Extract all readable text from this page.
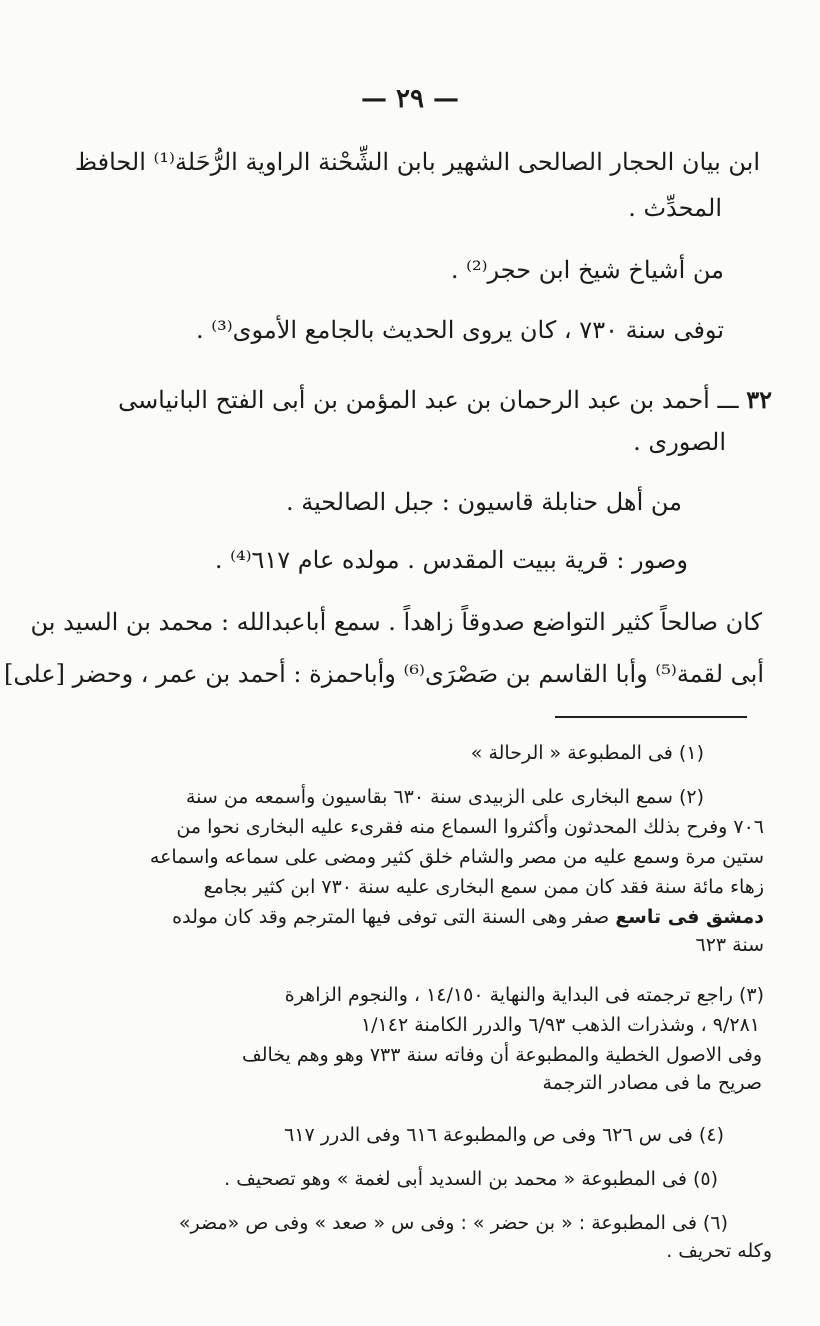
— ٢٩ —
ابن بيان الحجار الصالحى الشهير بابن الشِّحْنة الراوية الرُّحَلة⁽¹⁾ الحافظ
المحدِّث .
من أشياخ شيخ ابن حجر⁽²⁾ .
توفى سنة ٧٣٠ ، كان يروى الحديث بالجامع الأموى⁽³⁾ .
٣٢ ـــ أحمد بن عبد الرحمان بن عبد المؤمن بن أبى الفتح البانياسى
الصورى .
من أهل حنابلة قاسيون : جبل الصالحية .
وصور : قرية ببيت المقدس . مولده عام ٦١٧⁽⁴⁾ .
كان صالحاً كثير التواضع صدوقاً زاهداً . سمع أباعبدالله : محمد بن السيد بن
أبى لقمة⁽⁵⁾ وأبا القاسم بن صَصْرَى⁽⁶⁾ وأباحمزة : أحمد بن عمر ، وحضر [على]
(١) فى المطبوعة « الرحالة »
(٢) سمع البخارى على الزبيدى سنة ٦٣٠ بقاسيون وأسمعه من سنة
٧٠٦ وفرح بذلك المحدثون وأكثروا السماع منه فقرىء عليه البخارى نحوا من
ستين مرة وسمع عليه من مصر والشام خلق كثير ومضى على سماعه واسماعه
زهاء مائة سنة فقد كان ممن سمع البخارى عليه سنة ٧٣٠ ابن كثير بجامع
دمشق فى تاسع صفر وهى السنة التى توفى فيها المترجم وقد كان مولده
سنة ٦٢٣
(٣) راجع ترجمته فى البداية والنهاية ١٤/١٥٠ ، والنجوم الزاهرة
٩/٢٨١ ، وشذرات الذهب ٦/٩٣ والدرر الكامنة ١/١٤٢
وفى الاصول الخطية والمطبوعة أن وفاته سنة ٧٣٣ وهو وهم يخالف
صريح ما فى مصادر الترجمة
(٤) فى س ٦٢٦ وفى ص والمطبوعة ٦١٦ وفى الدرر ٦١٧
(٥) فى المطبوعة « محمد بن السديد أبى لغمة » وهو تصحيف .
(٦) فى المطبوعة : « بن حضر » : وفى س « صعد » وفى ص «مضر»
وكله تحريف .
